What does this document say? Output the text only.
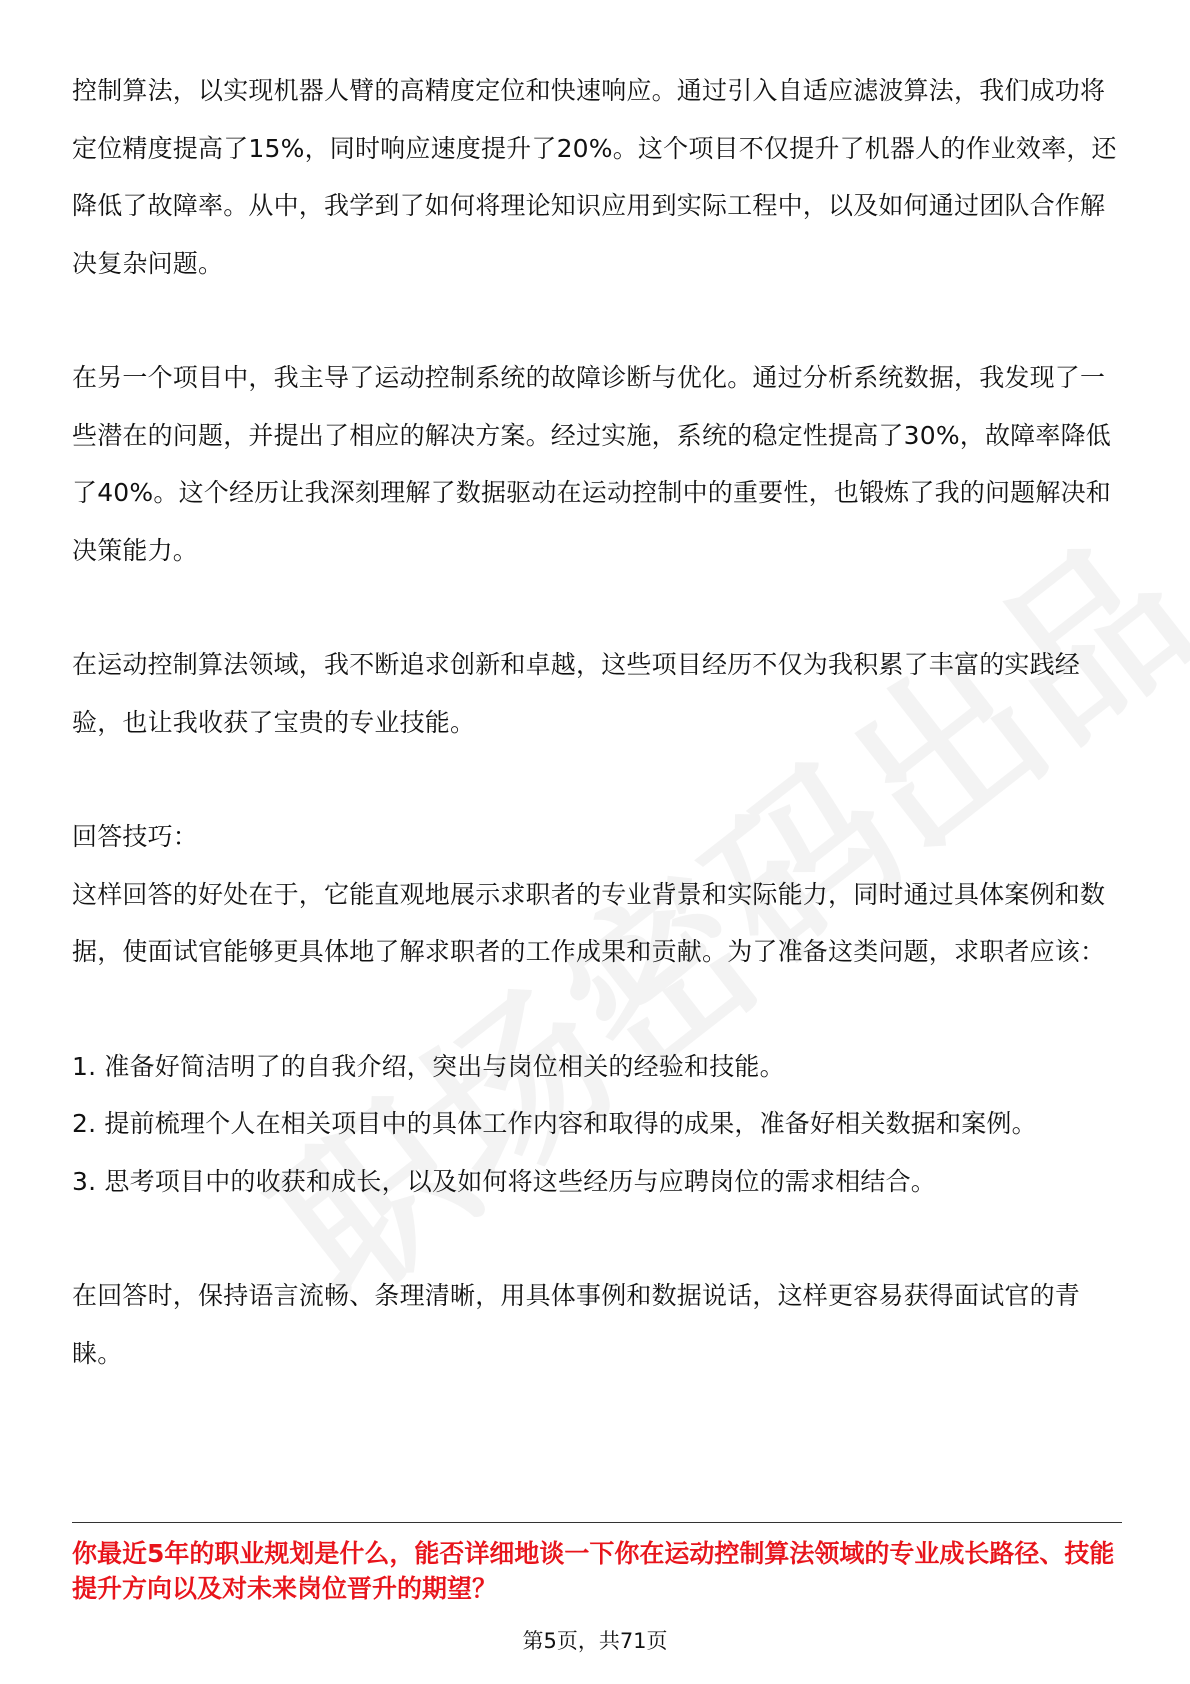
控制算法，以实现机器人臂的高精度定位和快速响应。通过引入自适应滤波算法，我们成功将定位精度提高了15%，同时响应速度提升了20%。这个项目不仅提升了机器人的作业效率，还降低了故障率。从中，我学到了如何将理论知识应用到实际工程中，以及如何通过团队合作解决复杂问题。

在另一个项目中，我主导了运动控制系统的故障诊断与优化。通过分析系统数据，我发现了一些潜在的问题，并提出了相应的解决方案。经过实施，系统的稳定性提高了30%，故障率降低了40%。这个经历让我深刻理解了数据驱动在运动控制中的重要性，也锻炼了我的问题解决和决策能力。

在运动控制算法领域，我不断追求创新和卓越，这些项目经历不仅为我积累了丰富的实践经验，也让我收获了宝贵的专业技能。

回答技巧：

这样回答的好处在于，它能直观地展示求职者的专业背景和实际能力，同时通过具体案例和数据，使面试官能够更具体地了解求职者的工作成果和贡献。为了准备这类问题，求职者应该：

1. 准备好简洁明了的自我介绍，突出与岗位相关的经验和技能。

2. 提前梳理个人在相关项目中的具体工作内容和取得的成果，准备好相关数据和案例。

3. 思考项目中的收获和成长，以及如何将这些经历与应聘岗位的需求相结合。

在回答时，保持语言流畅、条理清晰，用具体事例和数据说话，这样更容易获得面试官的青睐。

你最近5年的职业规划是什么，能否详细地谈一下你在运动控制算法领域的专业成长路径、技能提升方向以及对未来岗位晋升的期望？

第5页，共71页
